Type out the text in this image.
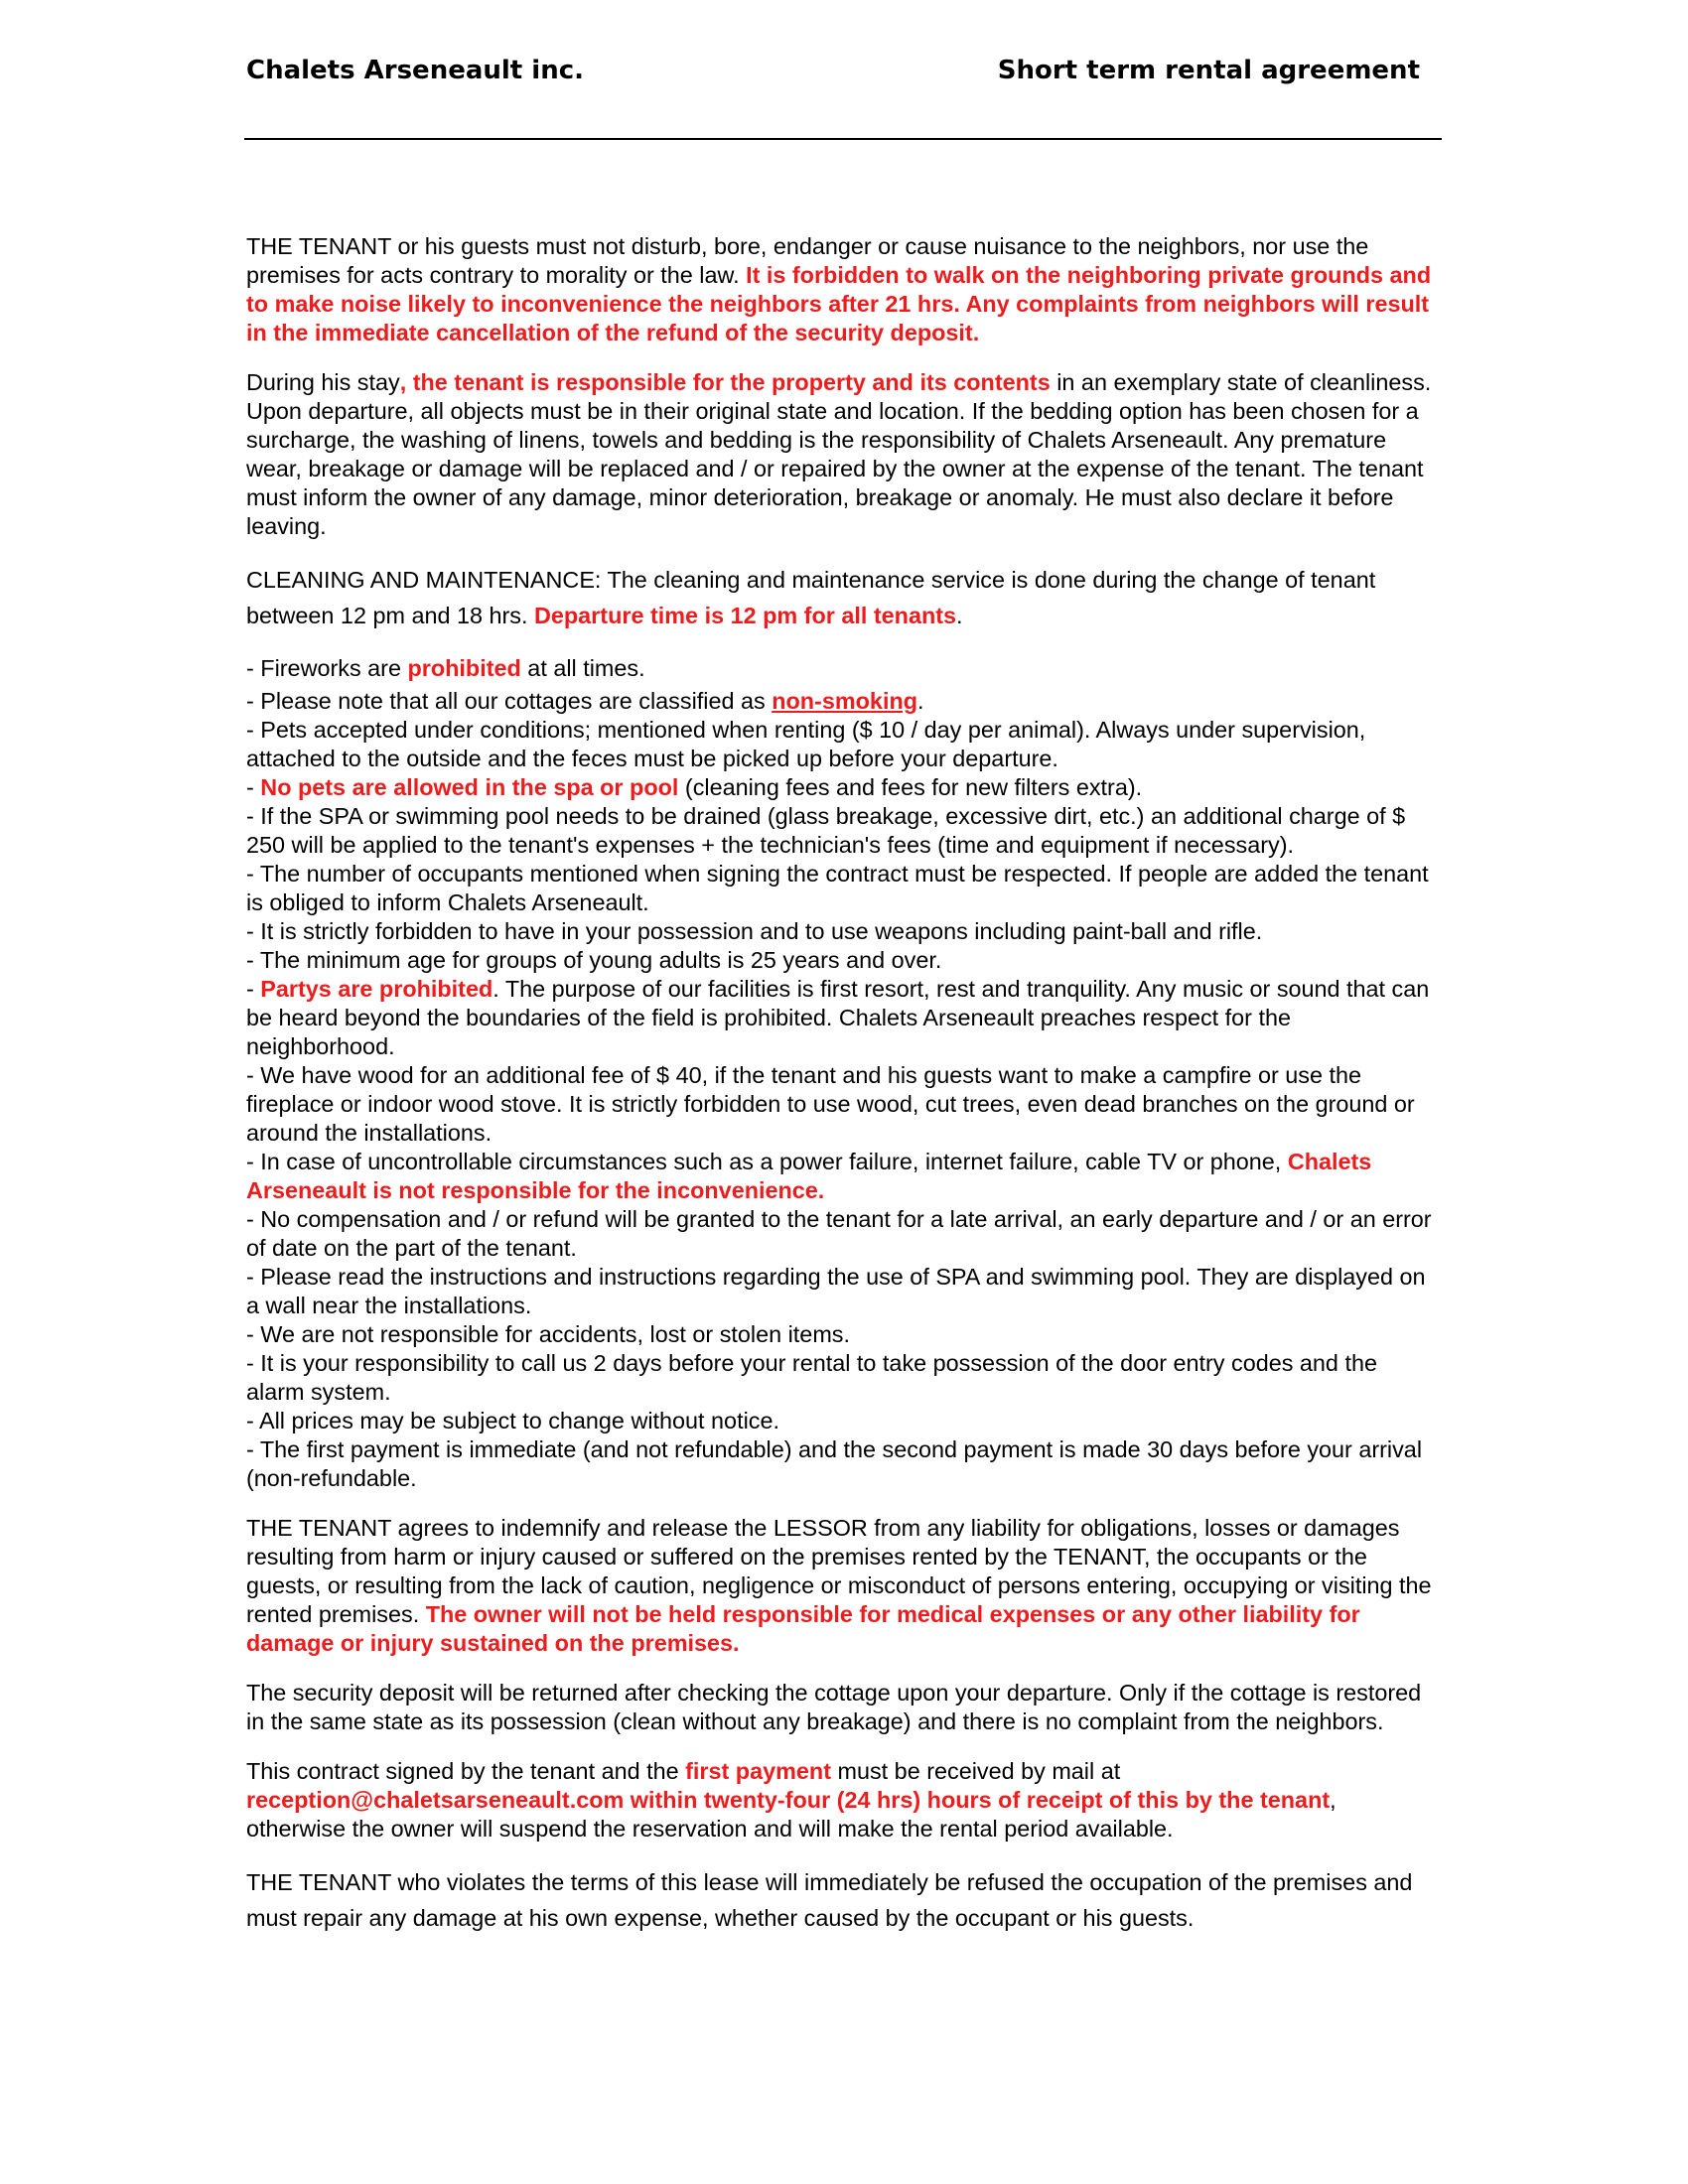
Chalets Arseneault inc.	Short term rental agreement

THE TENANT or his guests must not disturb, bore, endanger or cause nuisance to the neighbors, nor use the premises for acts contrary to morality or the law. It is forbidden to walk on the neighboring private grounds and to make noise likely to inconvenience the neighbors after 21 hrs. Any complaints from neighbors will result in the immediate cancellation of the refund of the security deposit.

During his stay, the tenant is responsible for the property and its contents in an exemplary state of cleanliness. Upon departure, all objects must be in their original state and location. If the bedding option has been chosen for a surcharge, the washing of linens, towels and bedding is the responsibility of Chalets Arseneault. Any premature wear, breakage or damage will be replaced and / or repaired by the owner at the expense of the tenant. The tenant must inform the owner of any damage, minor deterioration, breakage or anomaly. He must also declare it before leaving.

CLEANING AND MAINTENANCE: The cleaning and maintenance service is done during the change of tenant between 12 pm and 18 hrs. Departure time is 12 pm for all tenants.

- Fireworks are prohibited at all times.
- Please note that all our cottages are classified as non-smoking.
- Pets accepted under conditions; mentioned when renting ($ 10 / day per animal). Always under supervision, attached to the outside and the feces must be picked up before your departure.
- No pets are allowed in the spa or pool (cleaning fees and fees for new filters extra).
- If the SPA or swimming pool needs to be drained (glass breakage, excessive dirt, etc.) an additional charge of $ 250 will be applied to the tenant's expenses + the technician's fees (time and equipment if necessary).
- The number of occupants mentioned when signing the contract must be respected. If people are added the tenant is obliged to inform Chalets Arseneault.
- It is strictly forbidden to have in your possession and to use weapons including paint-ball and rifle.
- The minimum age for groups of young adults is 25 years and over.
- Partys are prohibited. The purpose of our facilities is first resort, rest and tranquility. Any music or sound that can be heard beyond the boundaries of the field is prohibited. Chalets Arseneault preaches respect for the neighborhood.
- We have wood for an additional fee of $ 40, if the tenant and his guests want to make a campfire or use the fireplace or indoor wood stove. It is strictly forbidden to use wood, cut trees, even dead branches on the ground or around the installations.
- In case of uncontrollable circumstances such as a power failure, internet failure, cable TV or phone, Chalets Arseneault is not responsible for the inconvenience.
- No compensation and / or refund will be granted to the tenant for a late arrival, an early departure and / or an error of date on the part of the tenant.
- Please read the instructions and instructions regarding the use of SPA and swimming pool. They are displayed on a wall near the installations.
- We are not responsible for accidents, lost or stolen items.
- It is your responsibility to call us 2 days before your rental to take possession of the door entry codes and the alarm system.
- All prices may be subject to change without notice.
- The first payment is immediate (and not refundable) and the second payment is made 30 days before your arrival (non-refundable.

THE TENANT agrees to indemnify and release the LESSOR from any liability for obligations, losses or damages resulting from harm or injury caused or suffered on the premises rented by the TENANT, the occupants or the guests, or resulting from the lack of caution, negligence or misconduct of persons entering, occupying or visiting the rented premises. The owner will not be held responsible for medical expenses or any other liability for damage or injury sustained on the premises.

The security deposit will be returned after checking the cottage upon your departure. Only if the cottage is restored in the same state as its possession (clean without any breakage) and there is no complaint from the neighbors.

This contract signed by the tenant and the first payment must be received by mail at reception@chaletsarseneault.com within twenty-four (24 hrs) hours of receipt of this by the tenant, otherwise the owner will suspend the reservation and will make the rental period available.

THE TENANT who violates the terms of this lease will immediately be refused the occupation of the premises and must repair any damage at his own expense, whether caused by the occupant or his guests.
